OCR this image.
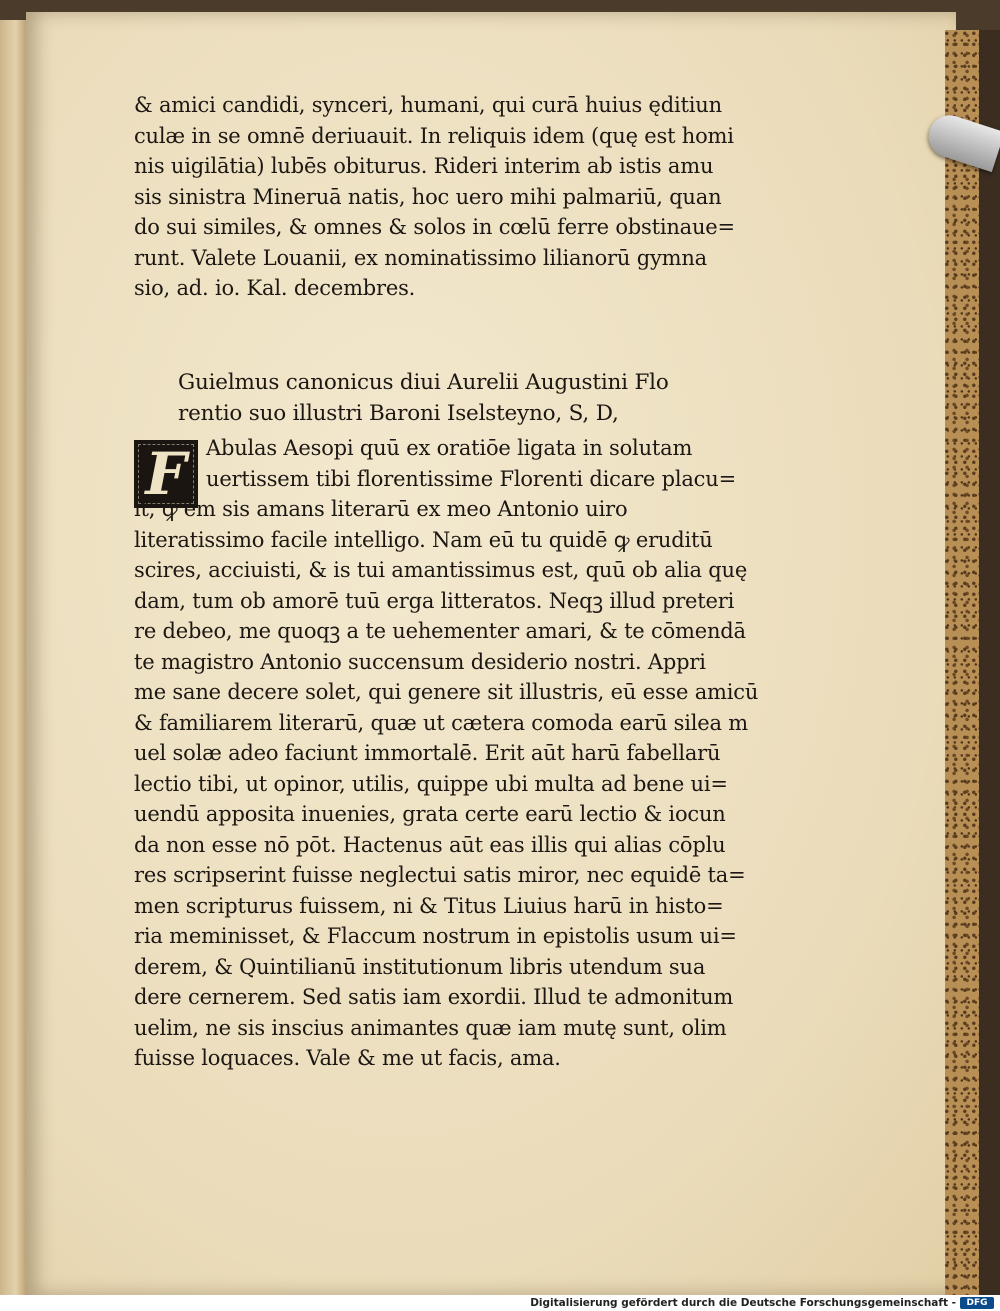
& amici candidi, synceri, humani, qui curā huius ęditiun
culæ in se omnē deriuauit. In reliquis idem (quę est homi
nis uigilātia) lubēs obiturus. Rideri interim ab istis amu
sis sinistra Mineruā natis, hoc uero mihi palmariū, quan
do sui similes, & omnes & solos in cœlū ferre obstinaue=
runt. Valete Louanii, ex nominatissimo lilianorū gymna
sio, ad. io. Kal. decembres.
Guielmus canonicus diui Aurelii Augustini Flo
rentio suo illustri Baroni Iselsteyno, S, D,
F Abulas Aesopi quū ex oratiōe ligata in solutam
uertissem tibi florentissime Florenti dicare placu=
it, ꝙ em sis amans literarū ex meo Antonio uiro
literatissimo facile intelligo. Nam eū tu quidē ꝙ eruditū
scires, acciuisti, & is tui amantissimus est, quū ob alia quę
dam, tum ob amorē tuū erga litteratos. Neqꝫ illud preteri
re debeo, me quoqꝫ a te uehementer amari, & te cōmendā
te magistro Antonio succensum desiderio nostri. Appri
me sane decere solet, qui genere sit illustris, eū esse amicū
& familiarem literarū, quæ ut cætera comoda earū silea m
uel solæ adeo faciunt immortalē. Erit aūt harū fabellarū
lectio tibi, ut opinor, utilis, quippe ubi multa ad bene ui=
uendū apposita inuenies, grata certe earū lectio & iocun
da non esse nō pōt. Hactenus aūt eas illis qui alias cōplu
res scripserint fuisse neglectui satis miror, nec equidē ta=
men scripturus fuissem, ni & Titus Liuius harū in histo=
ria meminisset, & Flaccum nostrum in epistolis usum ui=
derem, & Quintilianū institutionum libris utendum sua
dere cernerem. Sed satis iam exordii. Illud te admonitum
uelim, ne sis inscius animantes quæ iam mutę sunt, olim
fuisse loquaces. Vale & me ut facis, ama.
Digitalisierung gefördert durch die Deutsche Forschungsgemeinschaft -	DFG
